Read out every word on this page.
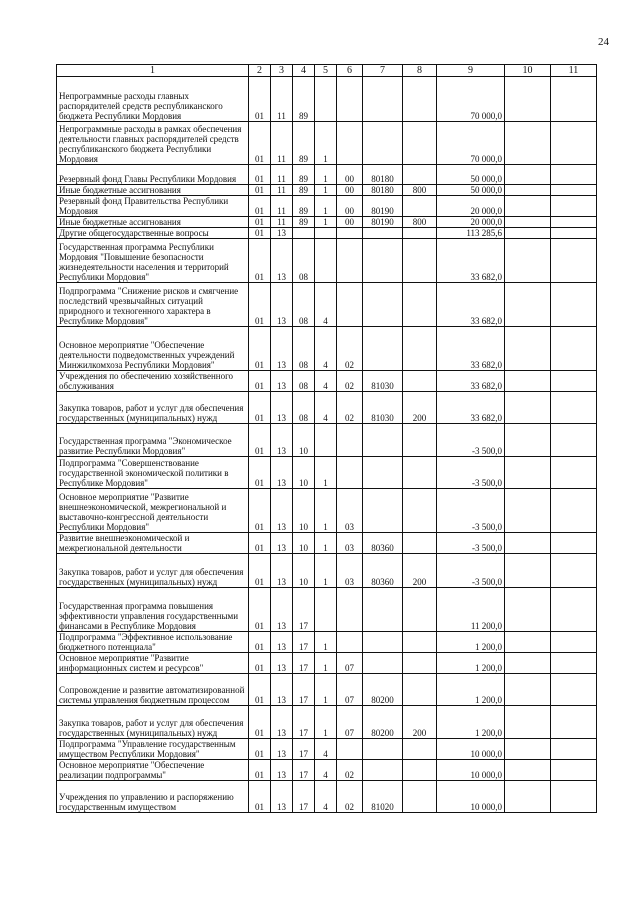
24
1	2	3	4	5	6	7	8	9	10	11
Непрограммные расходы главных распорядителей средств республиканского бюджета Республики Мордовия	01	11	89					70 000,0		
Непрограммные расходы в рамках обеспечения деятельности главных распорядителей средств республиканского бюджета Республики Мордовия	01	11	89	1				70 000,0		
Резервный фонд Главы Республики Мордовия	01	11	89	1	00	80180		50 000,0		
Иные бюджетные ассигнования	01	11	89	1	00	80180	800	50 000,0		
Резервный фонд Правительства Республики Мордовия	01	11	89	1	00	80190		20 000,0		
Иные бюджетные ассигнования	01	11	89	1	00	80190	800	20 000,0		
Другие общегосударственные вопросы	01	13						113 285,6		
Государственная программа Республики Мордовия "Повышение безопасности жизнедеятельности населения и территорий Республики Мордовия"	01	13	08					33 682,0		
Подпрограмма "Снижение рисков и смягчение последствий чрезвычайных ситуаций природного и техногенного характера в Республике Мордовия"	01	13	08	4				33 682,0		
Основное мероприятие "Обеспечение деятельности подведомственных учреждений Минжилкомхоза Республики Мордовия"	01	13	08	4	02			33 682,0		
Учреждения по обеспечению хозяйственного обслуживания	01	13	08	4	02	81030		33 682,0		
Закупка товаров, работ и услуг для обеспечения государственных (муниципальных) нужд	01	13	08	4	02	81030	200	33 682,0		
Государственная программа "Экономическое развитие Республики Мордовия"	01	13	10					-3 500,0		
Подпрограмма "Совершенствование государственной экономической политики в Республике Мордовия"	01	13	10	1				-3 500,0		
Основное мероприятие "Развитие внешнеэкономической, межрегиональной и выставочно-конгрессной деятельности Республики Мордовия"	01	13	10	1	03			-3 500,0		
Развитие внешнеэкономической и межрегиональной деятельности	01	13	10	1	03	80360		-3 500,0		
Закупка товаров, работ и услуг для обеспечения государственных (муниципальных) нужд	01	13	10	1	03	80360	200	-3 500,0		
Государственная программа повышения эффективности управления государственными финансами в Республике Мордовия	01	13	17					11 200,0		
Подпрограмма "Эффективное использование бюджетного потенциала"	01	13	17	1				1 200,0		
Основное мероприятие "Развитие информационных систем и ресурсов"	01	13	17	1	07			1 200,0		
Сопровождение и развитие автоматизированной системы управления бюджетным процессом	01	13	17	1	07	80200		1 200,0		
Закупка товаров, работ и услуг для обеспечения государственных (муниципальных) нужд	01	13	17	1	07	80200	200	1 200,0		
Подпрограмма "Управление государственным имуществом Республики Мордовия"	01	13	17	4				10 000,0		
Основное мероприятие "Обеспечение реализации подпрограммы"	01	13	17	4	02			10 000,0		
Учреждения по управлению и распоряжению государственным имуществом	01	13	17	4	02	81020		10 000,0		
